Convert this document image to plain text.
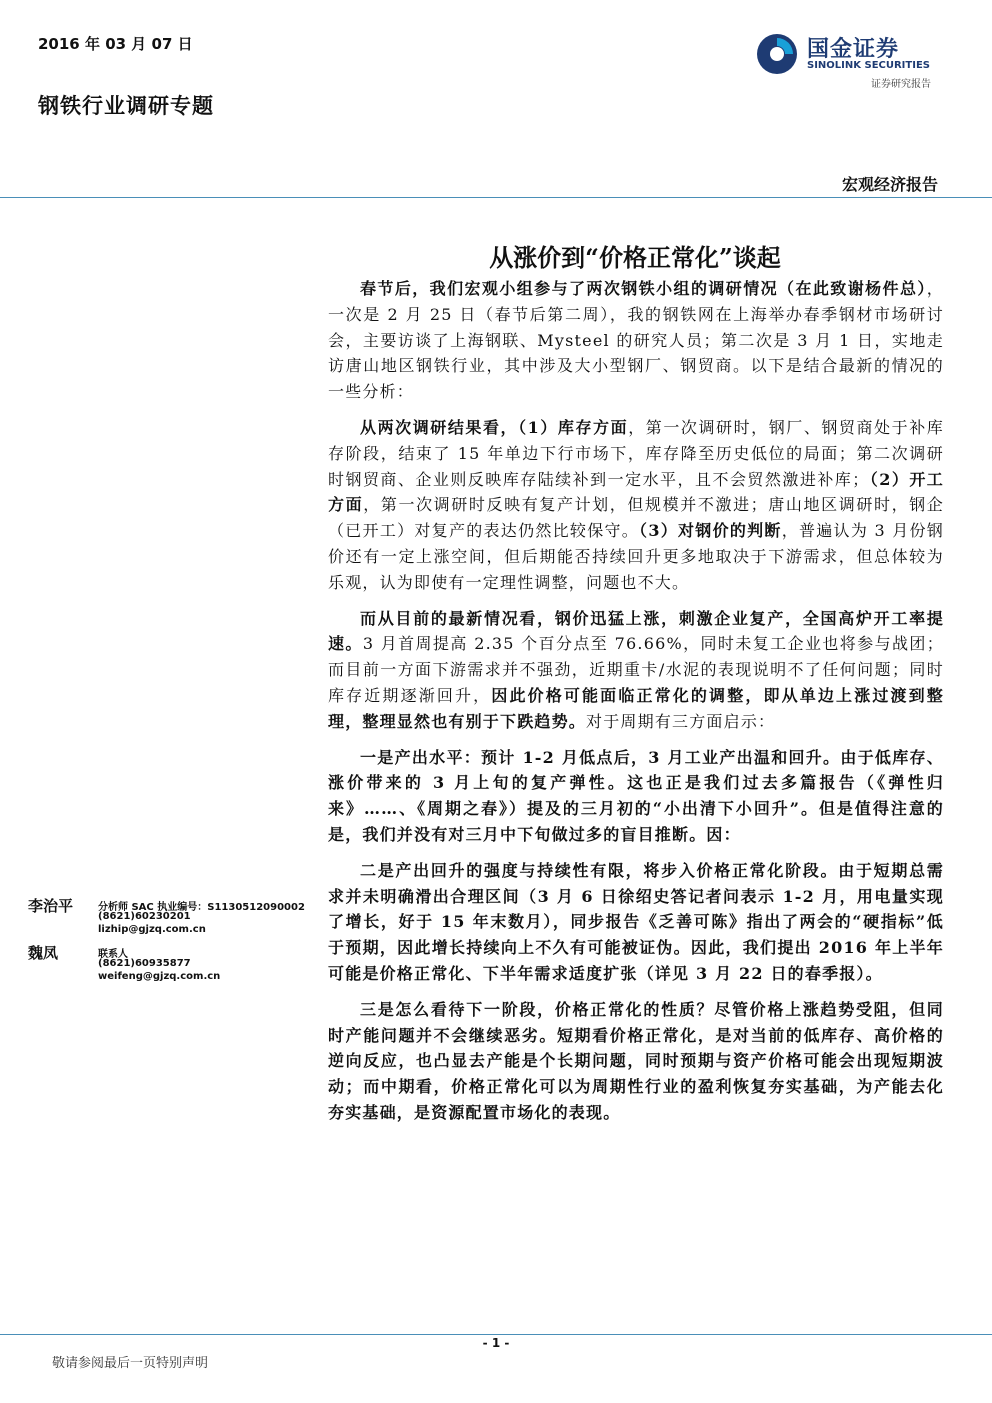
2016 年 03 月 07 日
钢铁行业调研专题
国金证券
SINOLINK SECURITIES
证券研究报告
宏观经济报告
从涨价到“价格正常化”谈起

春节后，我们宏观小组参与了两次钢铁小组的调研情况（在此致谢杨件总），一次是 2 月 25 日（春节后第二周），我的钢铁网在上海举办春季钢材市场研讨会，主要访谈了上海钢联、Mysteel 的研究人员；第二次是 3 月 1 日，实地走访唐山地区钢铁行业，其中涉及大小型钢厂、钢贸商。以下是结合最新的情况的一些分析：

从两次调研结果看，（1）库存方面，第一次调研时，钢厂、钢贸商处于补库存阶段，结束了 15 年单边下行市场下，库存降至历史低位的局面；第二次调研时钢贸商、企业则反映库存陆续补到一定水平，且不会贸然激进补库；（2）开工方面，第一次调研时反映有复产计划，但规模并不激进；唐山地区调研时，钢企（已开工）对复产的表达仍然比较保守。（3）对钢价的判断，普遍认为 3 月份钢价还有一定上涨空间，但后期能否持续回升更多地取决于下游需求，但总体较为乐观，认为即使有一定理性调整，问题也不大。

而从目前的最新情况看，钢价迅猛上涨，刺激企业复产，全国高炉开工率提速。3 月首周提高 2.35 个百分点至 76.66%，同时未复工企业也将参与战团；而目前一方面下游需求并不强劲，近期重卡/水泥的表现说明不了任何问题；同时库存近期逐渐回升，因此价格可能面临正常化的调整，即从单边上涨过渡到整理，整理显然也有别于下跌趋势。对于周期有三方面启示：

一是产出水平：预计 1-2 月低点后，3 月工业产出温和回升。由于低库存、涨价带来的 3 月上旬的复产弹性。这也正是我们过去多篇报告（《弹性归来》……、《周期之春》）提及的三月初的“小出清下小回升”。但是值得注意的是，我们并没有对三月中下旬做过多的盲目推断。因：

二是产出回升的强度与持续性有限，将步入价格正常化阶段。由于短期总需求并未明确滑出合理区间（3 月 6 日徐绍史答记者问表示 1-2 月，用电量实现了增长，好于 15 年末数月），同步报告《乏善可陈》指出了两会的“硬指标”低于预期，因此增长持续向上不久有可能被证伪。因此，我们提出 2016 年上半年可能是价格正常化、下半年需求适度扩张（详见 3 月 22 日的春季报）。

三是怎么看待下一阶段，价格正常化的性质？尽管价格上涨趋势受阻，但同时产能问题并不会继续恶劣。短期看价格正常化，是对当前的低库存、高价格的逆向反应，也凸显去产能是个长期问题，同时预期与资产价格可能会出现短期波动；而中期看，价格正常化可以为周期性行业的盈利恢复夯实基础，为产能去化夯实基础，是资源配置市场化的表现。

李治平 分析师 SAC 执业编号：S1130512090002
(8621)60230201
lizhip@gjzq.com.cn
魏凤	联系人
(8621)60935877
weifeng@gjzq.com.cn
- 1 -
敬请参阅最后一页特别声明
